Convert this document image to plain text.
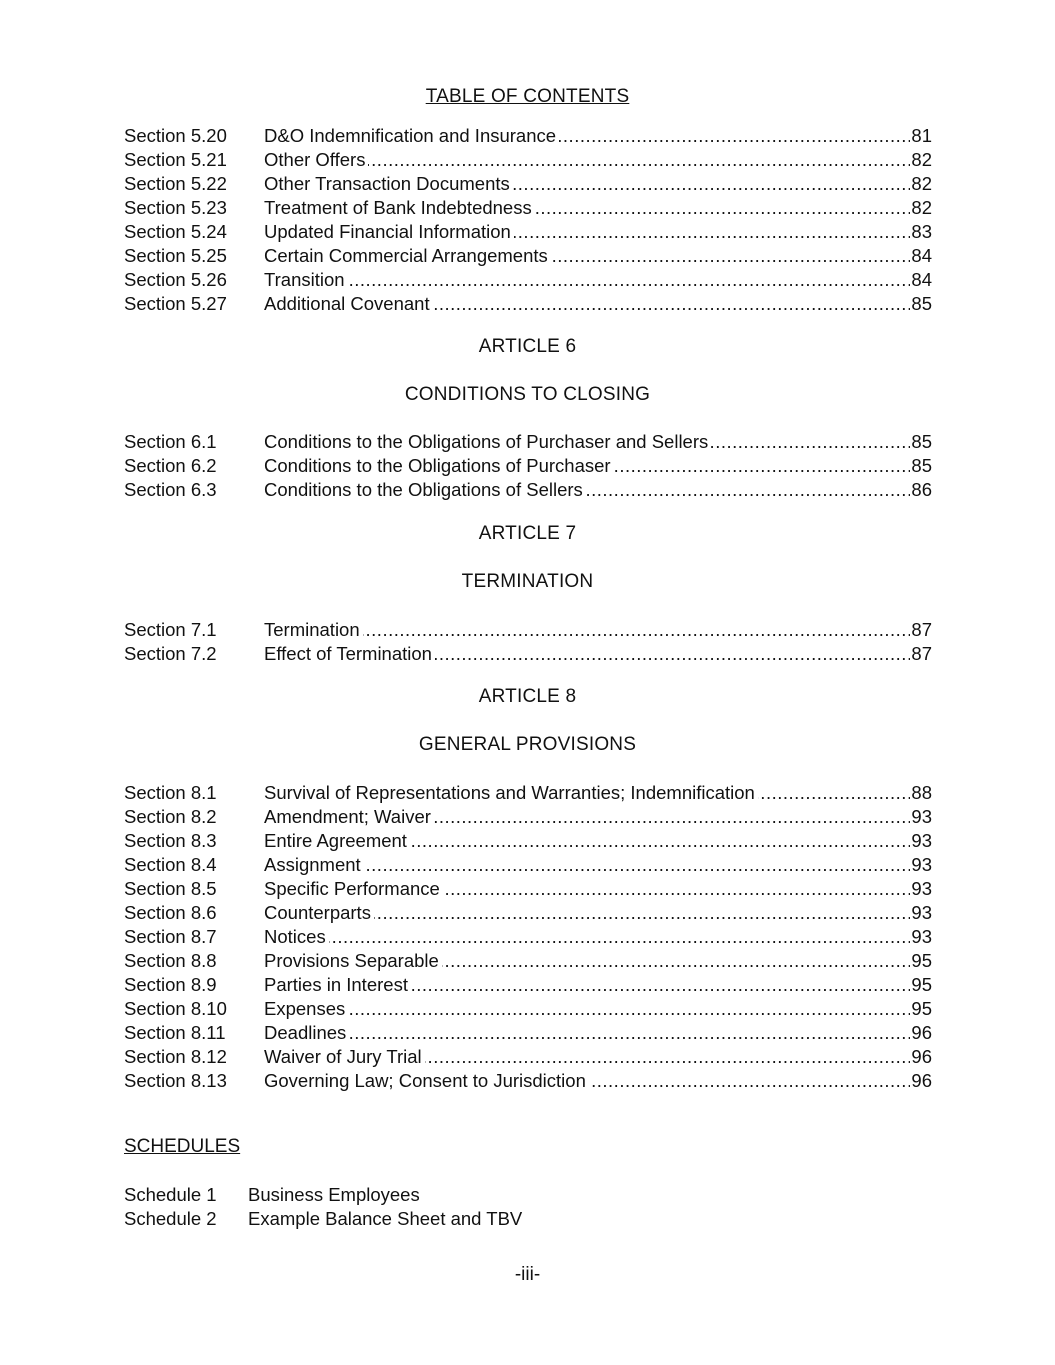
TABLE OF CONTENTS
Section 5.20	D&O Indemnification and Insurance .....	81
Section 5.21	Other Offers .....	82
Section 5.22	Other Transaction Documents .....	82
Section 5.23	Treatment of Bank Indebtedness .....	82
Section 5.24	Updated Financial Information .....	83
Section 5.25	Certain Commercial Arrangements .....	84
Section 5.26	Transition .....	84
Section 5.27	Additional Covenant .....	85
ARTICLE 6
CONDITIONS TO CLOSING
Section 6.1	Conditions to the Obligations of Purchaser and Sellers .....	85
Section 6.2	Conditions to the Obligations of Purchaser .....	85
Section 6.3	Conditions to the Obligations of Sellers .....	86
ARTICLE 7
TERMINATION
Section 7.1	Termination .....	87
Section 7.2	Effect of Termination .....	87
ARTICLE 8
GENERAL PROVISIONS
Section 8.1	Survival of Representations and Warranties; Indemnification .....	88
Section 8.2	Amendment; Waiver .....	93
Section 8.3	Entire Agreement .....	93
Section 8.4	Assignment .....	93
Section 8.5	Specific Performance .....	93
Section 8.6	Counterparts .....	93
Section 8.7	Notices .....	93
Section 8.8	Provisions Separable .....	95
Section 8.9	Parties in Interest .....	95
Section 8.10	Expenses .....	95
Section 8.11	Deadlines .....	96
Section 8.12	Waiver of Jury Trial .....	96
Section 8.13	Governing Law; Consent to Jurisdiction .....	96
SCHEDULES
Schedule 1	Business Employees
Schedule 2	Example Balance Sheet and TBV
-iii-
